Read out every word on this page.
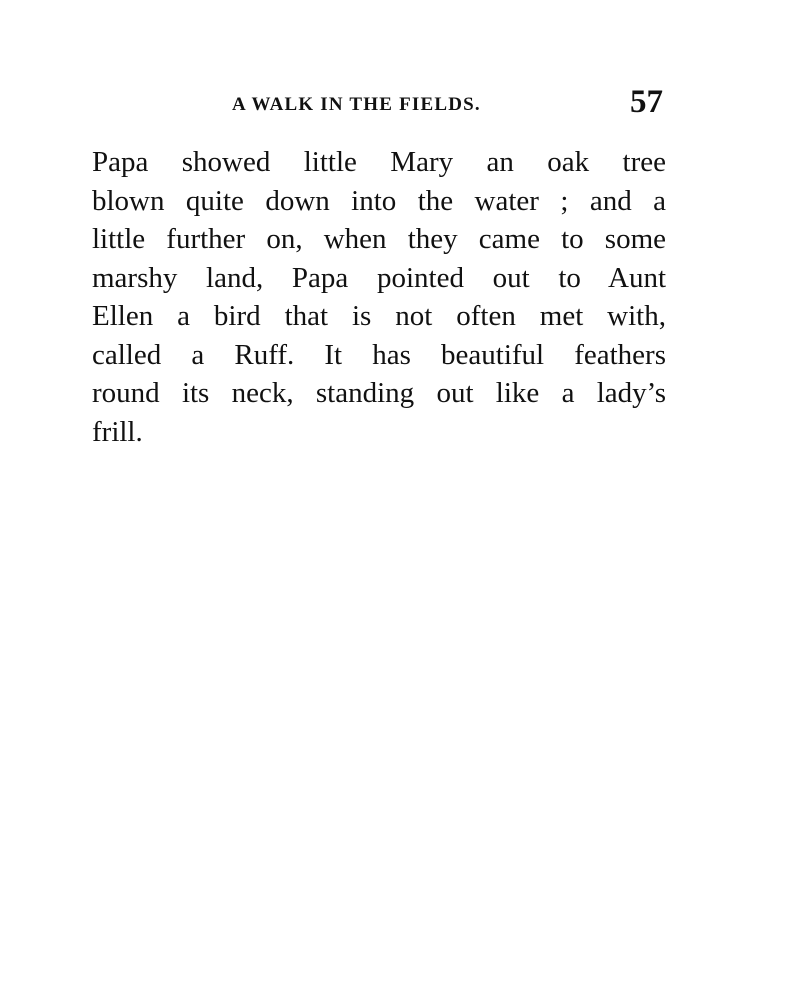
A WALK IN THE FIELDS.	57
Papa showed little Mary an oak tree
blown quite down into the water ; and a
little further on, when they came to some
marshy land, Papa pointed out to Aunt
Ellen a bird that is not often met with,
called a Ruff. It has beautiful feathers
round its neck, standing out like a lady’s
frill.
